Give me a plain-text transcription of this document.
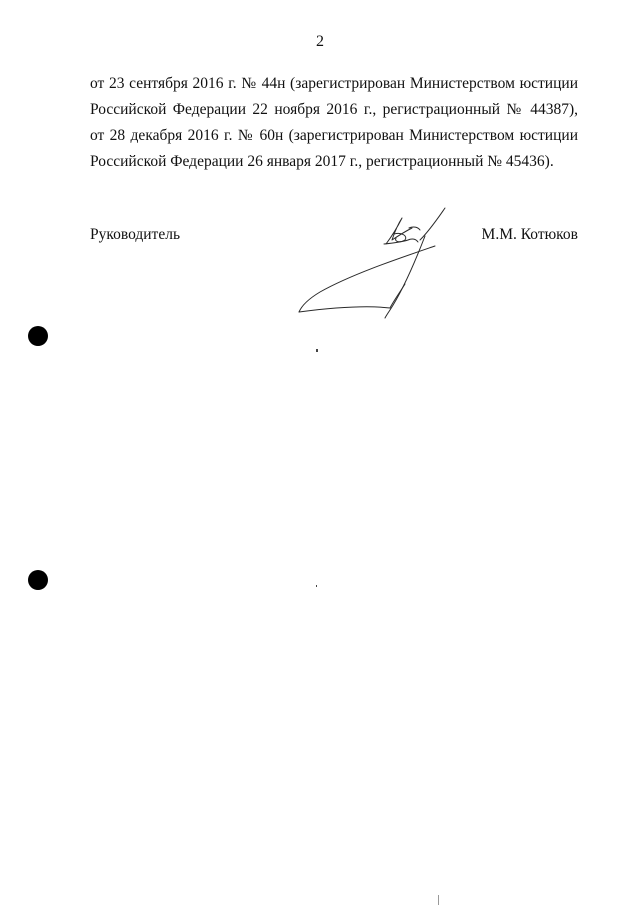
2
от 23 сентября 2016 г. № 44н (зарегистрирован Министерством юстиции
Российской Федерации 22 ноября 2016 г., регистрационный № 44387),
от 28 декабря 2016 г. № 60н (зарегистрирован Министерством юстиции
Российской Федерации 26 января 2017 г., регистрационный № 45436).
Руководитель	М.М. Котюков
